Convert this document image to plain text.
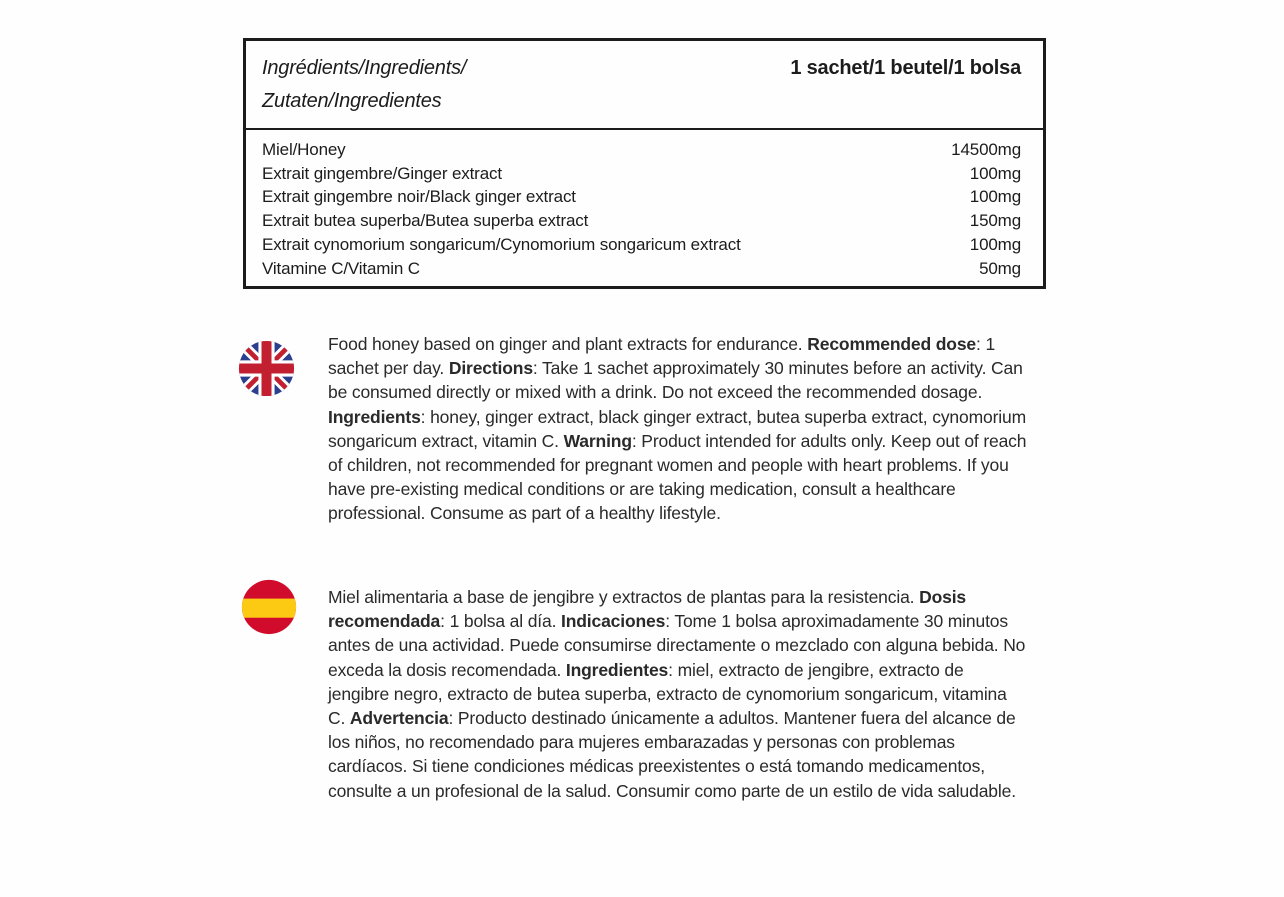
Ingrédients/Ingredients/
Zutaten/Ingredientes
1 sachet/1 beutel/1 bolsa
Miel/Honey	14500mg
Extrait gingembre/Ginger extract	100mg
Extrait gingembre noir/Black ginger extract	100mg
Extrait butea superba/Butea superba extract	150mg
Extrait cynomorium songaricum/Cynomorium songaricum extract	100mg
Vitamine C/Vitamin C	50mg
Food honey based on ginger and plant extracts for endurance. Recommended dose: 1 sachet per day. Directions: Take 1 sachet approximately 30 minutes before an activity. Can be consumed directly or mixed with a drink. Do not exceed the recommended dosage. Ingredients: honey, ginger extract, black ginger extract, butea superba extract, cynomorium songaricum extract, vitamin C. Warning: Product intended for adults only. Keep out of reach of children, not recommended for pregnant women and people with heart problems. If you have pre-existing medical conditions or are taking medication, consult a healthcare professional. Consume as part of a healthy lifestyle.
Miel alimentaria a base de jengibre y extractos de plantas para la resistencia. Dosis recomendada: 1 bolsa al día. Indicaciones: Tome 1 bolsa aproximadamente 30 minutos antes de una actividad. Puede consumirse directamente o mezclado con alguna bebida. No exceda la dosis recomendada. Ingredientes: miel, extracto de jengibre, extracto de jengibre negro, extracto de butea superba, extracto de cynomorium songaricum, vitamina C. Advertencia: Producto destinado únicamente a adultos. Mantener fuera del alcance de los niños, no recomendado para mujeres embarazadas y personas con problemas cardíacos. Si tiene condiciones médicas preexistentes o está tomando medicamentos, consulte a un profesional de la salud. Consumir como parte de un estilo de vida saludable.
